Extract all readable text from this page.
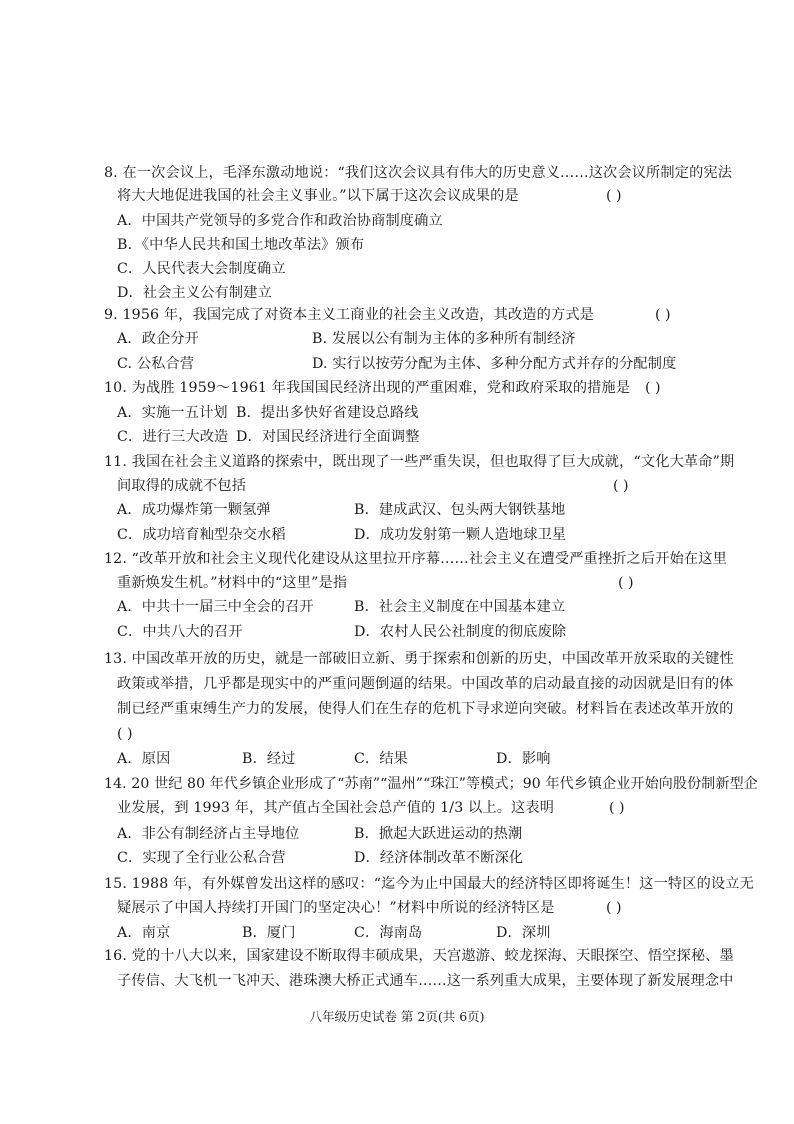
8. 在一次会议上，毛泽东激动地说：“我们这次会议具有伟大的历史意义……这次会议所制定的宪法
将大大地促进我国的社会主义事业。”以下属于这次会议成果的是	( )
A．中国共产党领导的多党合作和政治协商制度确立
B．《中华人民共和国土地改革法》颁布
C．人民代表大会制度确立
D．社会主义公有制建立
9. 1956 年，我国完成了对资本主义工商业的社会主义改造，其改造的方式是	( )
A．政企分开	B. 发展以公有制为主体的多种所有制经济
C. 公私合营	D. 实行以按劳分配为主体、多种分配方式并存的分配制度
10. 为战胜 1959～1961 年我国国民经济出现的严重困难，党和政府采取的措施是 ( )
A．实施一五计划 B．提出多快好省建设总路线
C．进行三大改造 D．对国民经济进行全面调整
11. 我国在社会主义道路的探索中，既出现了一些严重失误，但也取得了巨大成就，“文化大革命”期
间取得的成就不包括	( )
A．成功爆炸第一颗氢弹	B．建成武汉、包头两大钢铁基地
C．成功培育籼型杂交水稻	D．成功发射第一颗人造地球卫星
12. “改革开放和社会主义现代化建设从这里拉开序幕……社会主义在遭受严重挫折之后开始在这里
重新焕发生机。”材料中的“这里”是指	( )
A．中共十一届三中全会的召开	B．社会主义制度在中国基本建立
C．中共八大的召开	D．农村人民公社制度的彻底废除
13. 中国改革开放的历史，就是一部破旧立新、勇于探索和创新的历史，中国改革开放采取的关键性
政策或举措，几乎都是现实中的严重问题倒逼的结果。中国改革的启动最直接的动因就是旧有的体
制已经严重束缚生产力的发展，使得人们在生存的危机下寻求逆向突破。材料旨在表述改革开放的
( )
A．原因	B．经过	C．结果	D．影响
14. 20 世纪 80 年代乡镇企业形成了“苏南”“温州”“珠江”等模式；90 年代乡镇企业开始向股份制新型企
业发展，到 1993 年，其产值占全国社会总产值的 1/3 以上。这表明	( )
A．非公有制经济占主导地位	B．掀起大跃进运动的热潮
C．实现了全行业公私合营	D．经济体制改革不断深化
15. 1988 年，有外媒曾发出这样的感叹：“迄今为止中国最大的经济特区即将诞生！这一特区的设立无
疑展示了中国人持续打开国门的坚定决心！”材料中所说的经济特区是	( )
A．南京	B．厦门	C．海南岛	D．深圳
16. 党的十八大以来，国家建设不断取得丰硕成果，天宫遨游、蛟龙探海、天眼探空、悟空探秘、墨
子传信、大飞机一飞冲天、港珠澳大桥正式通车……这一系列重大成果，主要体现了新发展理念中
八年级历史试卷 第 2页(共 6页)
